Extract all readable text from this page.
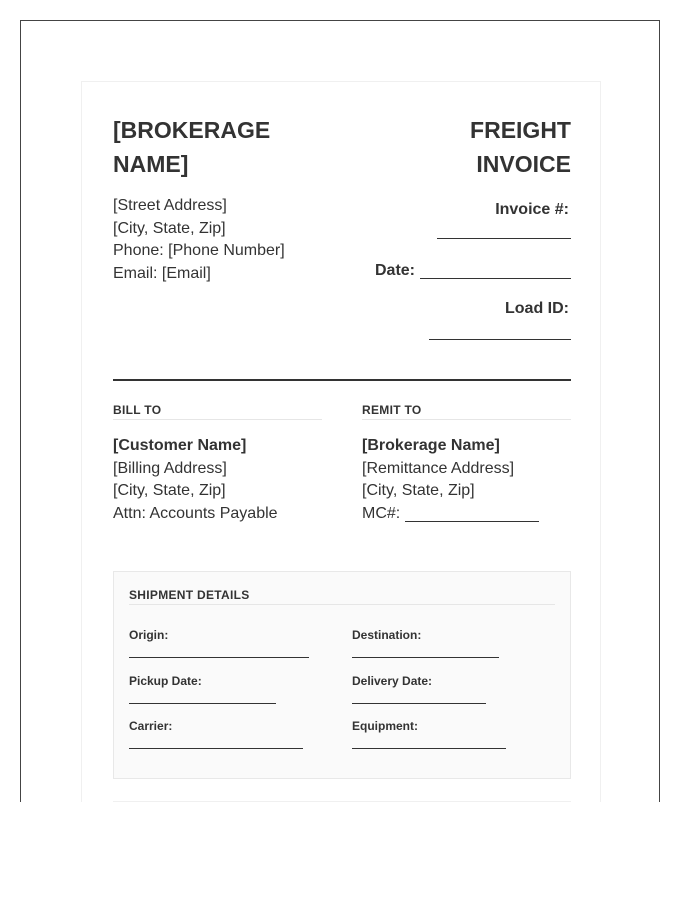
[BROKERAGE NAME]
FREIGHT INVOICE
[Street Address]
[City, State, Zip]
Phone: [Phone Number]
Email: [Email]
Invoice #:
Date:
Load ID:
BILL TO
[Customer Name]
[Billing Address]
[City, State, Zip]
Attn: Accounts Payable
REMIT TO
[Brokerage Name]
[Remittance Address]
[City, State, Zip]
MC#:
SHIPMENT DETAILS
Origin:	Destination:
Pickup Date:	Delivery Date:
Carrier:	Equipment:
